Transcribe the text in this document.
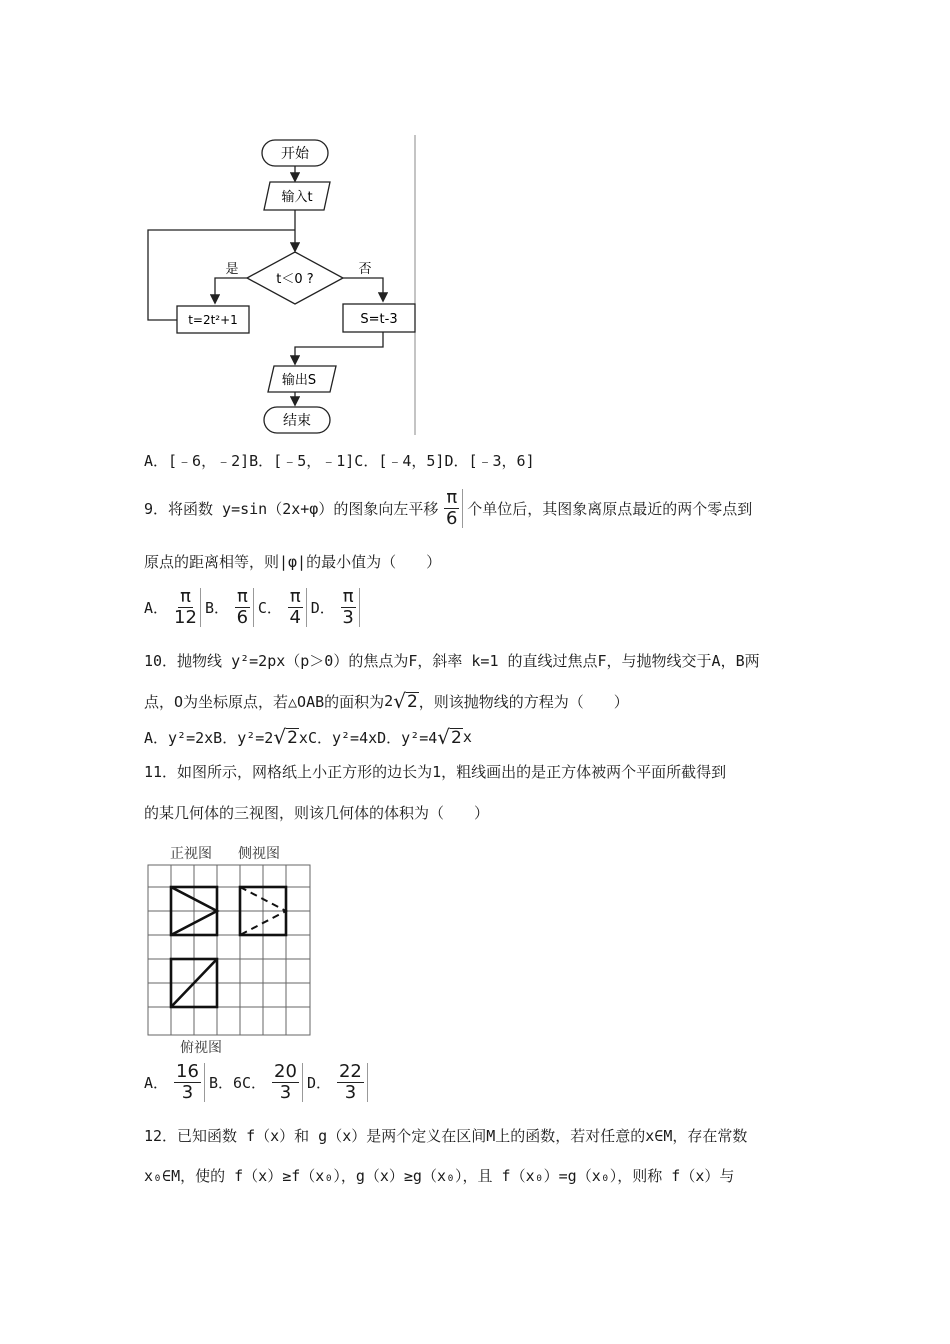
开始
输入t
t＜0 ?
是
t=2t²+1
否
S=t-3
输出S
结束
A．[﹣6，﹣2]B．[﹣5，﹣1]C．[﹣4，5]D．[﹣3，6]
9．将函数 y=sin（2x+φ）的图象向左平移 $\frac{\pi}{6}$ 个单位后，其图象离原点最近的两个零点到
原点的距离相等，则|φ|的最小值为（　　）
A． $\frac{\pi}{12}$ B． $\frac{\pi}{6}$ C． $\frac{\pi}{4}$ D． $\frac{\pi}{3}$
10．抛物线 y²=2px（p＞0）的焦点为F，斜率 k=1 的直线过焦点F，与抛物线交于A，B两
点，O为坐标原点，若△OAB的面积为 2 √ 2 ，则该抛物线的方程为（　　）
A．y²=2xB．y²=2 √ 2 xC．y²=4xD．y²=4 √ 2 x
11．如图所示，网格纸上小正方形的边长为1，粗线画出的是正方体被两个平面所截得到
的某几何体的三视图，则该几何体的体积为（　　）
正视图 侧视图
俯视图
A． $\frac{16}{3}$ B．6C． $\frac{20}{3}$ D． $\frac{22}{3}$
12．已知函数 f（x）和 g（x）是两个定义在区间M上的函数，若对任意的x∈M，存在常数
x₀∈M，使的 f（x）≥f（x₀），g（x）≥g（x₀），且 f（x₀）=g（x₀），则称 f（x）与
